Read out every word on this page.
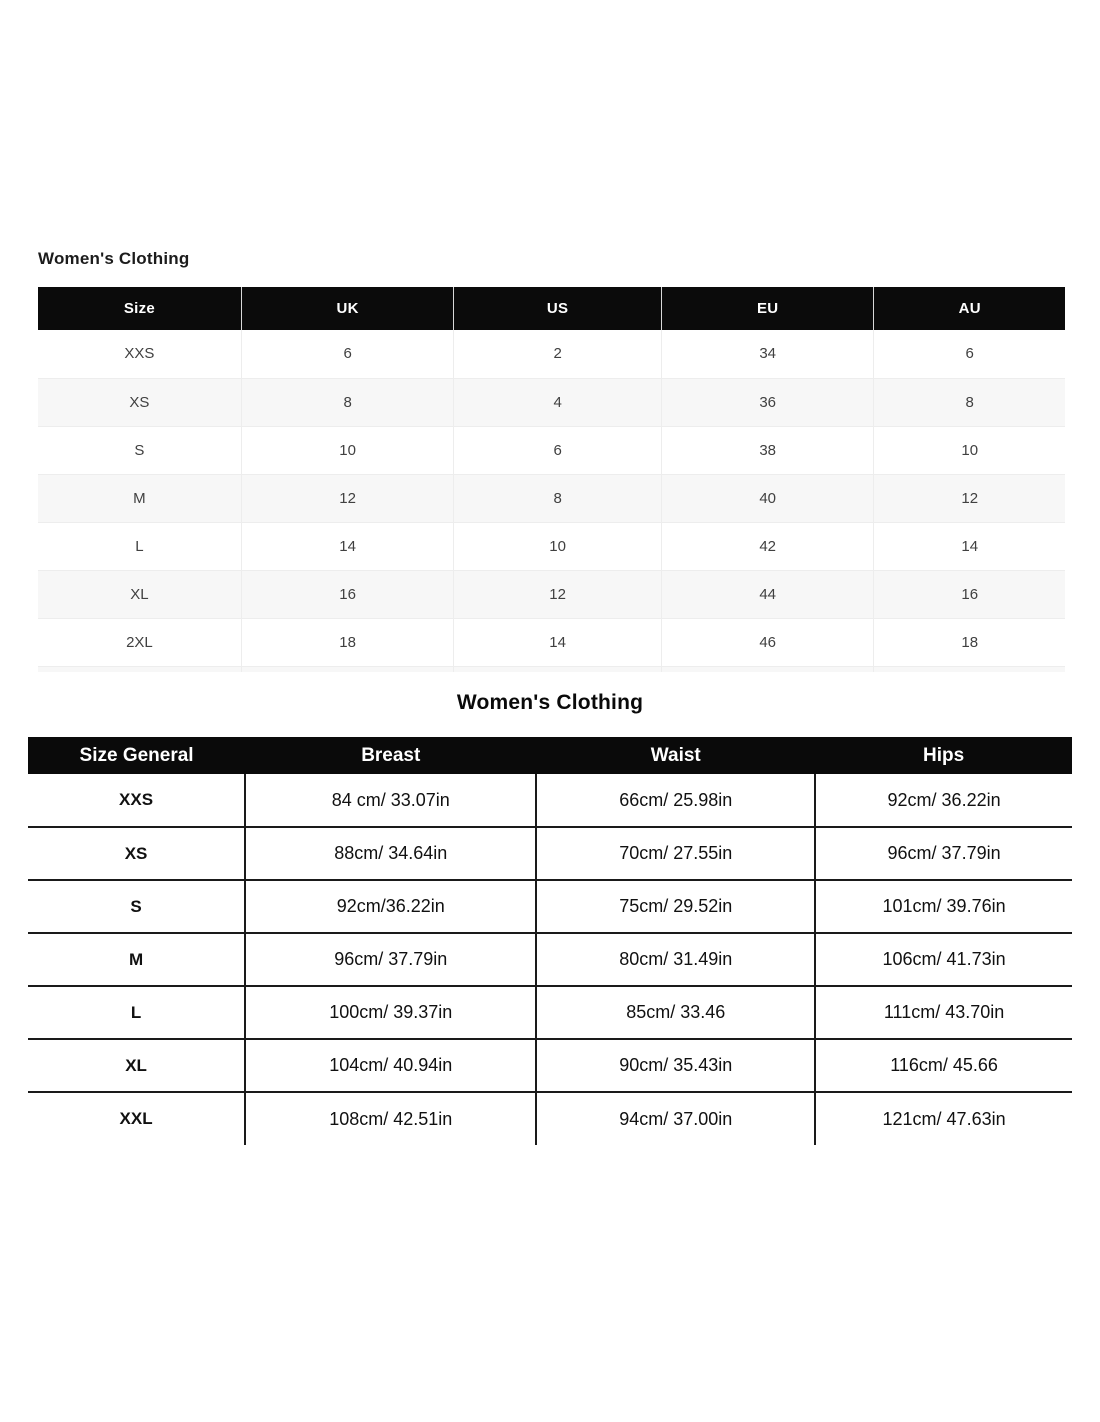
Women's Clothing
Size	UK	US	EU	AU
XXS	6	2	34	6
XS	8	4	36	8
S	10	6	38	10
M	12	8	40	12
L	14	10	42	14
XL	16	12	44	16
2XL	18	14	46	18

Women's Clothing
Size General	Breast	Waist	Hips
XXS	84 cm/ 33.07in	66cm/ 25.98in	92cm/ 36.22in
XS	88cm/ 34.64in	70cm/ 27.55in	96cm/ 37.79in
S	92cm/36.22in	75cm/ 29.52in	101cm/ 39.76in
M	96cm/ 37.79in	80cm/ 31.49in	106cm/ 41.73in
L	100cm/ 39.37in	85cm/ 33.46	111cm/ 43.70in
XL	104cm/ 40.94in	90cm/ 35.43in	116cm/ 45.66
XXL	108cm/ 42.51in	94cm/ 37.00in	121cm/ 47.63in
